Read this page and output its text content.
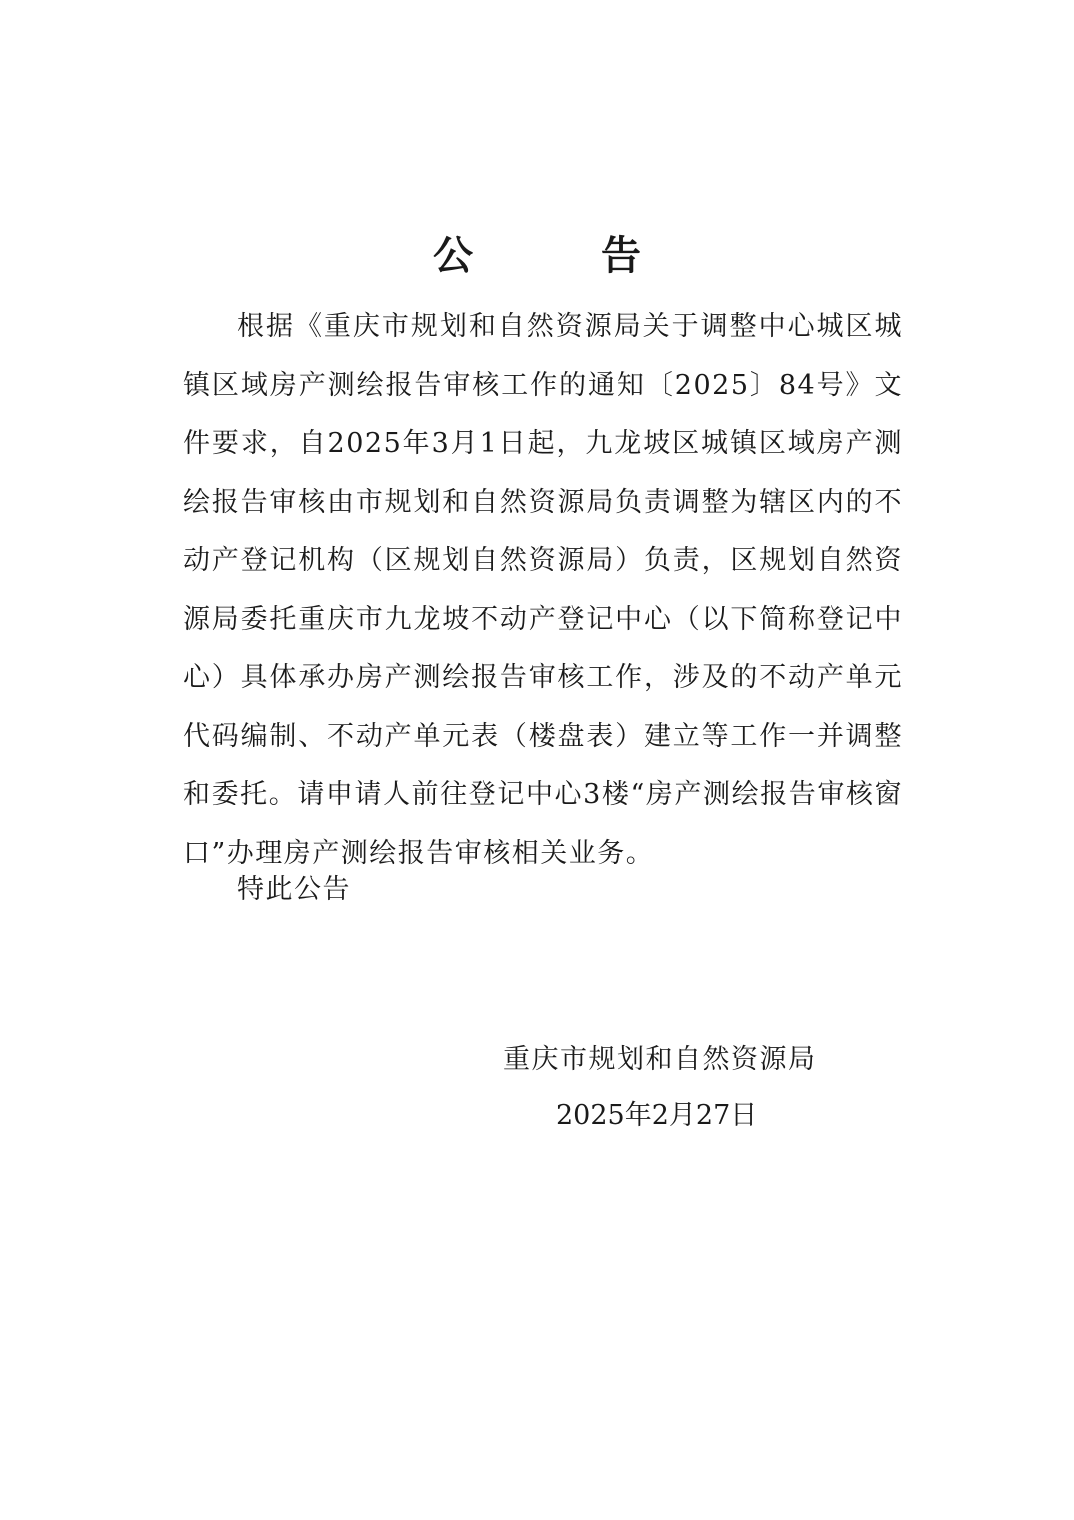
公　告

根据《重庆市规划和自然资源局关于调整中心城区城镇区域房产测绘报告审核工作的通知〔2025〕84号》文件要求，自2025年3月1日起，九龙坡区城镇区域房产测绘报告审核由市规划和自然资源局负责调整为辖区内的不动产登记机构（区规划自然资源局）负责，区规划自然资源局委托重庆市九龙坡不动产登记中心（以下简称登记中心）具体承办房产测绘报告审核工作，涉及的不动产单元代码编制、不动产单元表（楼盘表）建立等工作一并调整和委托。请申请人前往登记中心3楼“房产测绘报告审核窗口”办理房产测绘报告审核相关业务。

特此公告
重庆市规划和自然资源局
2025年2月27日
